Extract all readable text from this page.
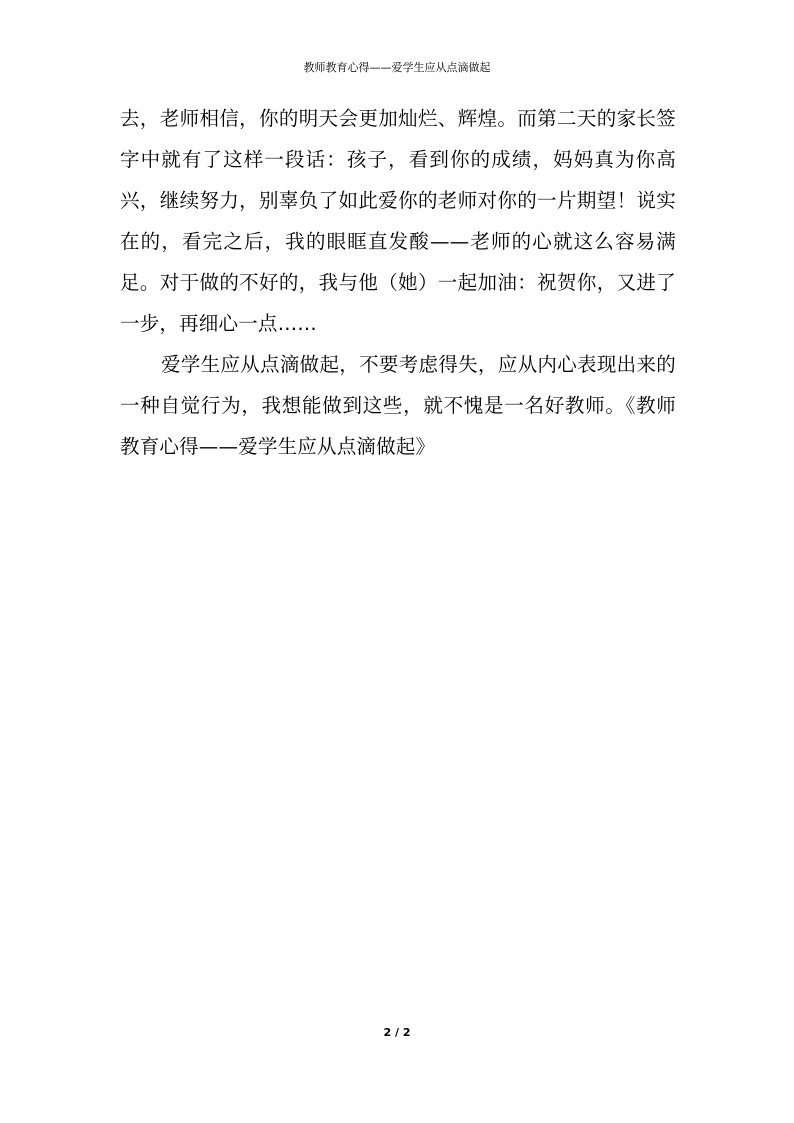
教师教育心得——爱学生应从点滴做起

去，老师相信，你的明天会更加灿烂、辉煌。而第二天的家长签字中就有了这样一段话：孩子，看到你的成绩，妈妈真为你高兴，继续努力，别辜负了如此爱你的老师对你的一片期望！说实在的，看完之后，我的眼眶直发酸——老师的心就这么容易满足。对于做的不好的，我与他（她）一起加油：祝贺你，又进了一步，再细心一点……

爱学生应从点滴做起，不要考虑得失，应从内心表现出来的一种自觉行为，我想能做到这些，就不愧是一名好教师。《教师教育心得——爱学生应从点滴做起》

2 / 2
